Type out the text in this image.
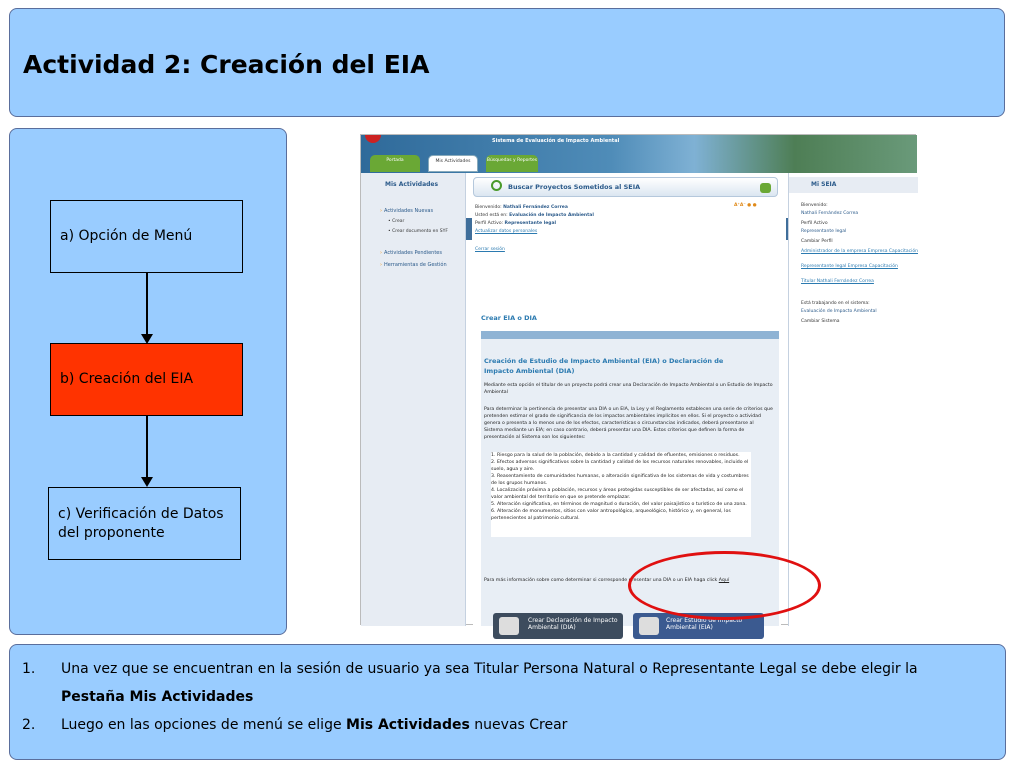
Actividad 2: Creación del EIA
a) Opción de Menú
b) Creación del EIA
c) Verificación de Datos
del proponente
Sistema de Evaluación de Impacto Ambiental
Portada	Mis Actividades	Búsquedas y Reportes
Mis Actividades
› Actividades Nuevas
• Crear
• Crear documento en SYF
› Actividades Pendientes
› Herramientas de Gestión
Buscar Proyectos Sometidos al SEIA
Bienvenido: Nathali Fernández Correa
Usted está en: Evaluación de Impacto Ambiental
Perfil Activo: Representante legal
Actualizar datos personales
Cerrar sesión
A⁺A⁻ ● ●
Crear EIA o DIA
Creación de Estudio de Impacto Ambiental (EIA) o Declaración de Impacto Ambiental (DIA)
Mediante esta opción el titular de un proyecto podrá crear una Declaración de Impacto Ambiental o un Estudio de Impacto Ambiental
Para determinar la pertinencia de presentar una DIA o un EIA, la Ley y el Reglamento establecen una serie de criterios que pretenden estimar el grado de significancia de los impactos ambientales implícitos en ellos. Si el proyecto o actividad genera o presenta a lo menos uno de los efectos, características o circunstancias indicados, deberá presentarse al Sistema mediante un EIA; en caso contrario, deberá presentar una DIA. Estos criterios que definen la forma de presentación al Sistema son los siguientes:
1. Riesgo para la salud de la población, debido a la cantidad y calidad de efluentes, emisiones o residuos.
2. Efectos adversos significativos sobre la cantidad y calidad de los recursos naturales renovables, incluido el suelo, agua y aire.
3. Reasentamiento de comunidades humanas, o alteración significativa de los sistemas de vida y costumbres de los grupos humanos.
4. Localización próxima a población, recursos y áreas protegidas susceptibles de ser afectadas, así como el valor ambiental del territorio en que se pretende emplazar.
5. Alteración significativa, en términos de magnitud o duración, del valor paisajístico o turístico de una zona.
6. Alteración de monumentos, sitios con valor antropológico, arqueológico, histórico y, en general, los pertenecientes al patrimonio cultural.
Para más información sobre como determinar si corresponde presentar una DIA o un EIA haga click Aquí
Crear Declaración de Impacto Ambiental (DIA)
Crear Estudio de Impacto Ambiental (EIA)
Mi SEIA
Bienvenido:
Nathali Fernández Correa
Perfil Activo
Representante legal
Cambiar Perfil
Administrador de la empresa Empresa Capacitación
Representante legal Empresa Capacitación
Titular Nathali Fernández Correa
Está trabajando en el sistema:
Evaluación de Impacto Ambiental
Cambiar Sistema
1.	Una vez que se encuentran en la sesión de usuario ya sea Titular Persona Natural o Representante Legal se debe elegir la
Pestaña Mis Actividades
2.	Luego en las opciones de menú se elige Mis Actividades nuevas Crear
